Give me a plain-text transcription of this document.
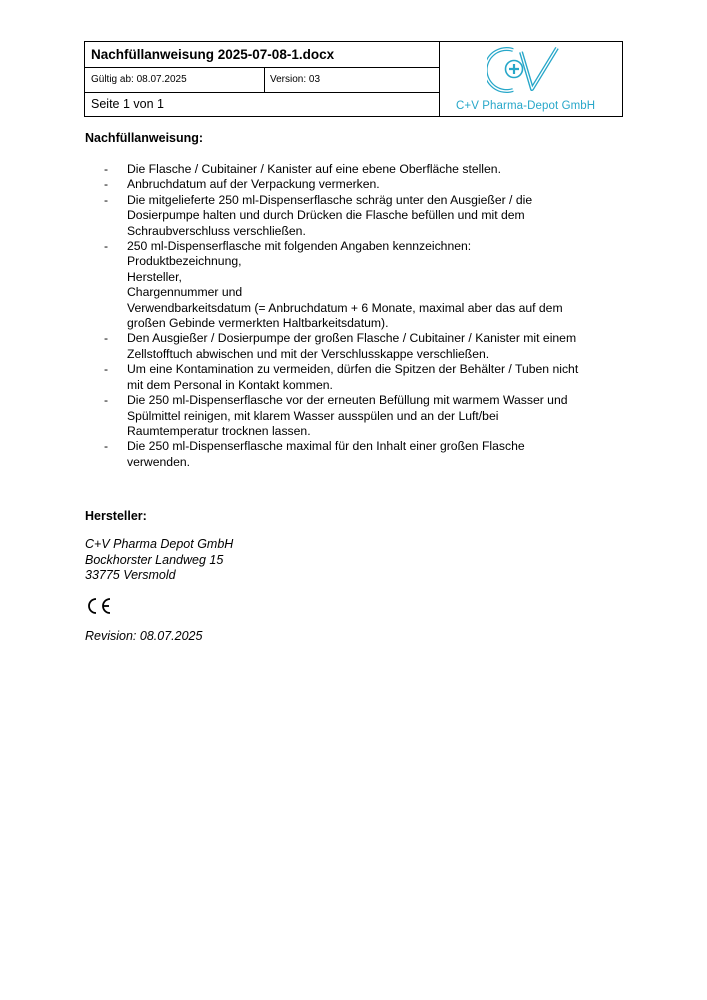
Nachfüllanweisung 2025-07-08-1.docx
Gültig ab: 08.07.2025	Version: 03
Seite 1 von 1	C+V Pharma-Depot GmbH
Nachfüllanweisung:
- Die Flasche / Cubitainer / Kanister auf eine ebene Oberfläche stellen.
- Anbruchdatum auf der Verpackung vermerken.
- Die mitgelieferte 250 ml-Dispenserflasche schräg unter den Ausgießer / die
Dosierpumpe halten und durch Drücken die Flasche befüllen und mit dem
Schraubverschluss verschließen.
- 250 ml-Dispenserflasche mit folgenden Angaben kennzeichnen:
Produktbezeichnung,
Hersteller,
Chargennummer und
Verwendbarkeitsdatum (= Anbruchdatum + 6 Monate, maximal aber das auf dem
großen Gebinde vermerkten Haltbarkeitsdatum).
- Den Ausgießer / Dosierpumpe der großen Flasche / Cubitainer / Kanister mit einem
Zellstofftuch abwischen und mit der Verschlusskappe verschließen.
- Um eine Kontamination zu vermeiden, dürfen die Spitzen der Behälter / Tuben nicht
mit dem Personal in Kontakt kommen.
- Die 250 ml-Dispenserflasche vor der erneuten Befüllung mit warmem Wasser und
Spülmittel reinigen, mit klarem Wasser ausspülen und an der Luft/bei
Raumtemperatur trocknen lassen.
- Die 250 ml-Dispenserflasche maximal für den Inhalt einer großen Flasche
verwenden.
Hersteller:
C+V Pharma Depot GmbH
Bockhorster Landweg 15
33775 Versmold
Revision: 08.07.2025
